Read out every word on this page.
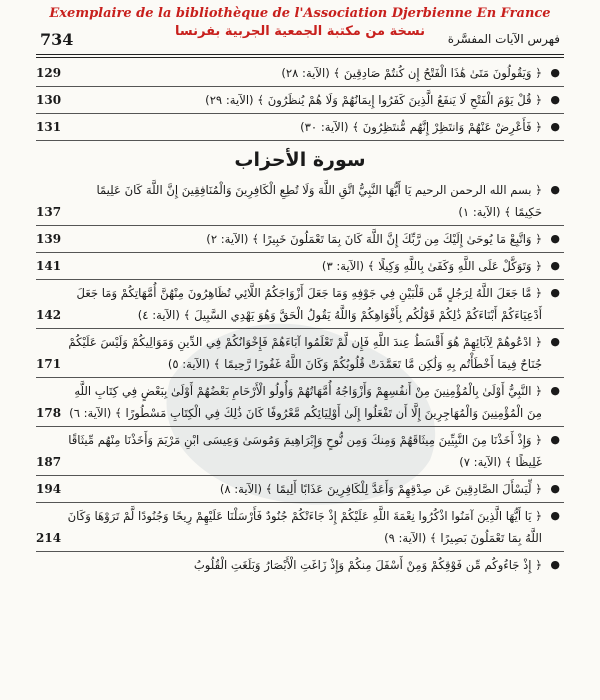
Exemplaire de la bibliothèque de l'Association Djerbienne En France
نسخة من مكتبة الجمعية الجربية بفرنسا
734	فهرس الآيات المفسَّرة
●
﴿ وَيَقُولُونَ مَتَىٰ هَٰذَا الْفَتْحُ إِن كُنتُمْ صَادِقِينَ ﴾ (الآية: ٢٨)
129
●
﴿ قُلْ يَوْمَ الْفَتْحِ لَا يَنفَعُ الَّذِينَ كَفَرُوا إِيمَانُهُمْ وَلَا هُمْ يُنظَرُونَ ﴾ (الآية: ٢٩)
130
●
﴿ فَأَعْرِضْ عَنْهُمْ وَانتَظِرْ إِنَّهُم مُّنتَظِرُونَ ﴾ (الآية: ٣٠)
131
سورة الأحزاب
●
﴿ بسم الله الرحمن الرحيم يَا أَيُّهَا النَّبِيُّ اتَّقِ اللَّهَ وَلَا تُطِعِ الْكَافِرِينَ وَالْمُنَافِقِينَ إِنَّ اللَّهَ كَانَ عَلِيمًا حَكِيمًا ﴾ (الآية: ١)
137
●
﴿ وَاتَّبِعْ مَا يُوحَىٰ إِلَيْكَ مِن رَّبِّكَ إِنَّ اللَّهَ كَانَ بِمَا تَعْمَلُونَ خَبِيرًا ﴾ (الآية: ٢)
139
●
﴿ وَتَوَكَّلْ عَلَى اللَّهِ وَكَفَىٰ بِاللَّهِ وَكِيلًا ﴾ (الآية: ٣)
141
●
﴿ مَّا جَعَلَ اللَّهُ لِرَجُلٍ مِّن قَلْبَيْنِ فِي جَوْفِهِ وَمَا جَعَلَ أَزْوَاجَكُمُ اللَّائِي تُظَاهِرُونَ مِنْهُنَّ أُمَّهَاتِكُمْ وَمَا جَعَلَ أَدْعِيَاءَكُمْ أَبْنَاءَكُمْ ذَٰلِكُمْ قَوْلُكُم بِأَفْوَاهِكُمْ وَاللَّهُ يَقُولُ الْحَقَّ وَهُوَ يَهْدِي السَّبِيلَ ﴾ (الآية: ٤)
142
●
﴿ ادْعُوهُمْ لِآبَائِهِمْ هُوَ أَقْسَطُ عِندَ اللَّهِ فَإِن لَّمْ تَعْلَمُوا آبَاءَهُمْ فَإِخْوَانُكُمْ فِي الدِّينِ وَمَوَالِيكُمْ وَلَيْسَ عَلَيْكُمْ جُنَاحٌ فِيمَا أَخْطَأْتُم بِهِ وَلَٰكِن مَّا تَعَمَّدَتْ قُلُوبُكُمْ وَكَانَ اللَّهُ غَفُورًا رَّحِيمًا ﴾ (الآية: ٥)
171
●
﴿ النَّبِيُّ أَوْلَىٰ بِالْمُؤْمِنِينَ مِنْ أَنفُسِهِمْ وَأَزْوَاجُهُ أُمَّهَاتُهُمْ وَأُولُو الْأَرْحَامِ بَعْضُهُمْ أَوْلَىٰ بِبَعْضٍ فِي كِتَابِ اللَّهِ مِنَ الْمُؤْمِنِينَ وَالْمُهَاجِرِينَ إِلَّا أَن تَفْعَلُوا إِلَىٰ أَوْلِيَائِكُم مَّعْرُوفًا كَانَ ذَٰلِكَ فِي الْكِتَابِ مَسْطُورًا ﴾ (الآية: ٦)
178
●
﴿ وَإِذْ أَخَذْنَا مِنَ النَّبِيِّينَ مِيثَاقَهُمْ وَمِنكَ وَمِن نُّوحٍ وَإِبْرَاهِيمَ وَمُوسَىٰ وَعِيسَى ابْنِ مَرْيَمَ وَأَخَذْنَا مِنْهُم مِّيثَاقًا غَلِيظًا ﴾ (الآية: ٧)
187
●
﴿ لِّيَسْأَلَ الصَّادِقِينَ عَن صِدْقِهِمْ وَأَعَدَّ لِلْكَافِرِينَ عَذَابًا أَلِيمًا ﴾ (الآية: ٨)
194
●
﴿ يَا أَيُّهَا الَّذِينَ آمَنُوا اذْكُرُوا نِعْمَةَ اللَّهِ عَلَيْكُمْ إِذْ جَاءَتْكُمْ جُنُودٌ فَأَرْسَلْنَا عَلَيْهِمْ رِيحًا وَجُنُودًا لَّمْ تَرَوْهَا وَكَانَ اللَّهُ بِمَا تَعْمَلُونَ بَصِيرًا ﴾ (الآية: ٩)
214
●
﴿ إِذْ جَاءُوكُم مِّن فَوْقِكُمْ وَمِنْ أَسْفَلَ مِنكُمْ وَإِذْ زَاغَتِ الْأَبْصَارُ وَبَلَغَتِ الْقُلُوبُ
